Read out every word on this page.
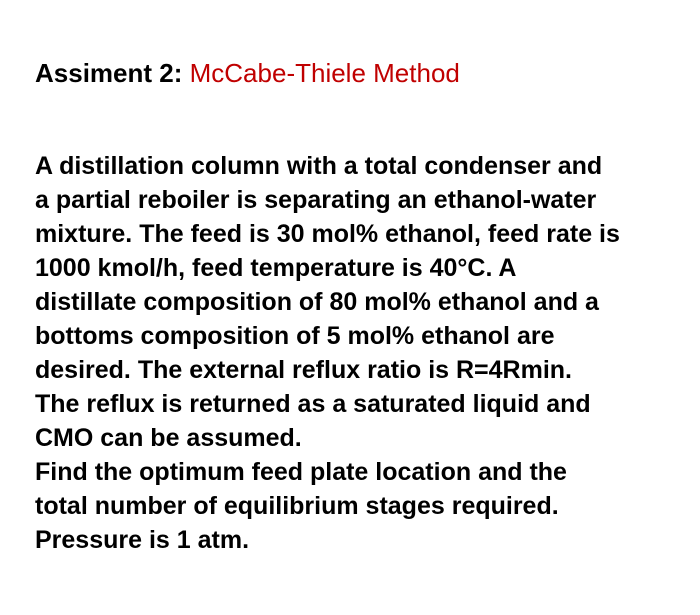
Assiment 2: McCabe-Thiele Method
A distillation column with a total condenser and
a partial reboiler is separating an ethanol-water
mixture. The feed is 30 mol% ethanol, feed rate is
1000 kmol/h, feed temperature is 40°C. A
distillate composition of 80 mol% ethanol and a
bottoms composition of 5 mol% ethanol are
desired. The external reflux ratio is R=4Rmin.
The reflux is returned as a saturated liquid and
CMO can be assumed.
Find the optimum feed plate location and the
total number of equilibrium stages required.
Pressure is 1 atm.
